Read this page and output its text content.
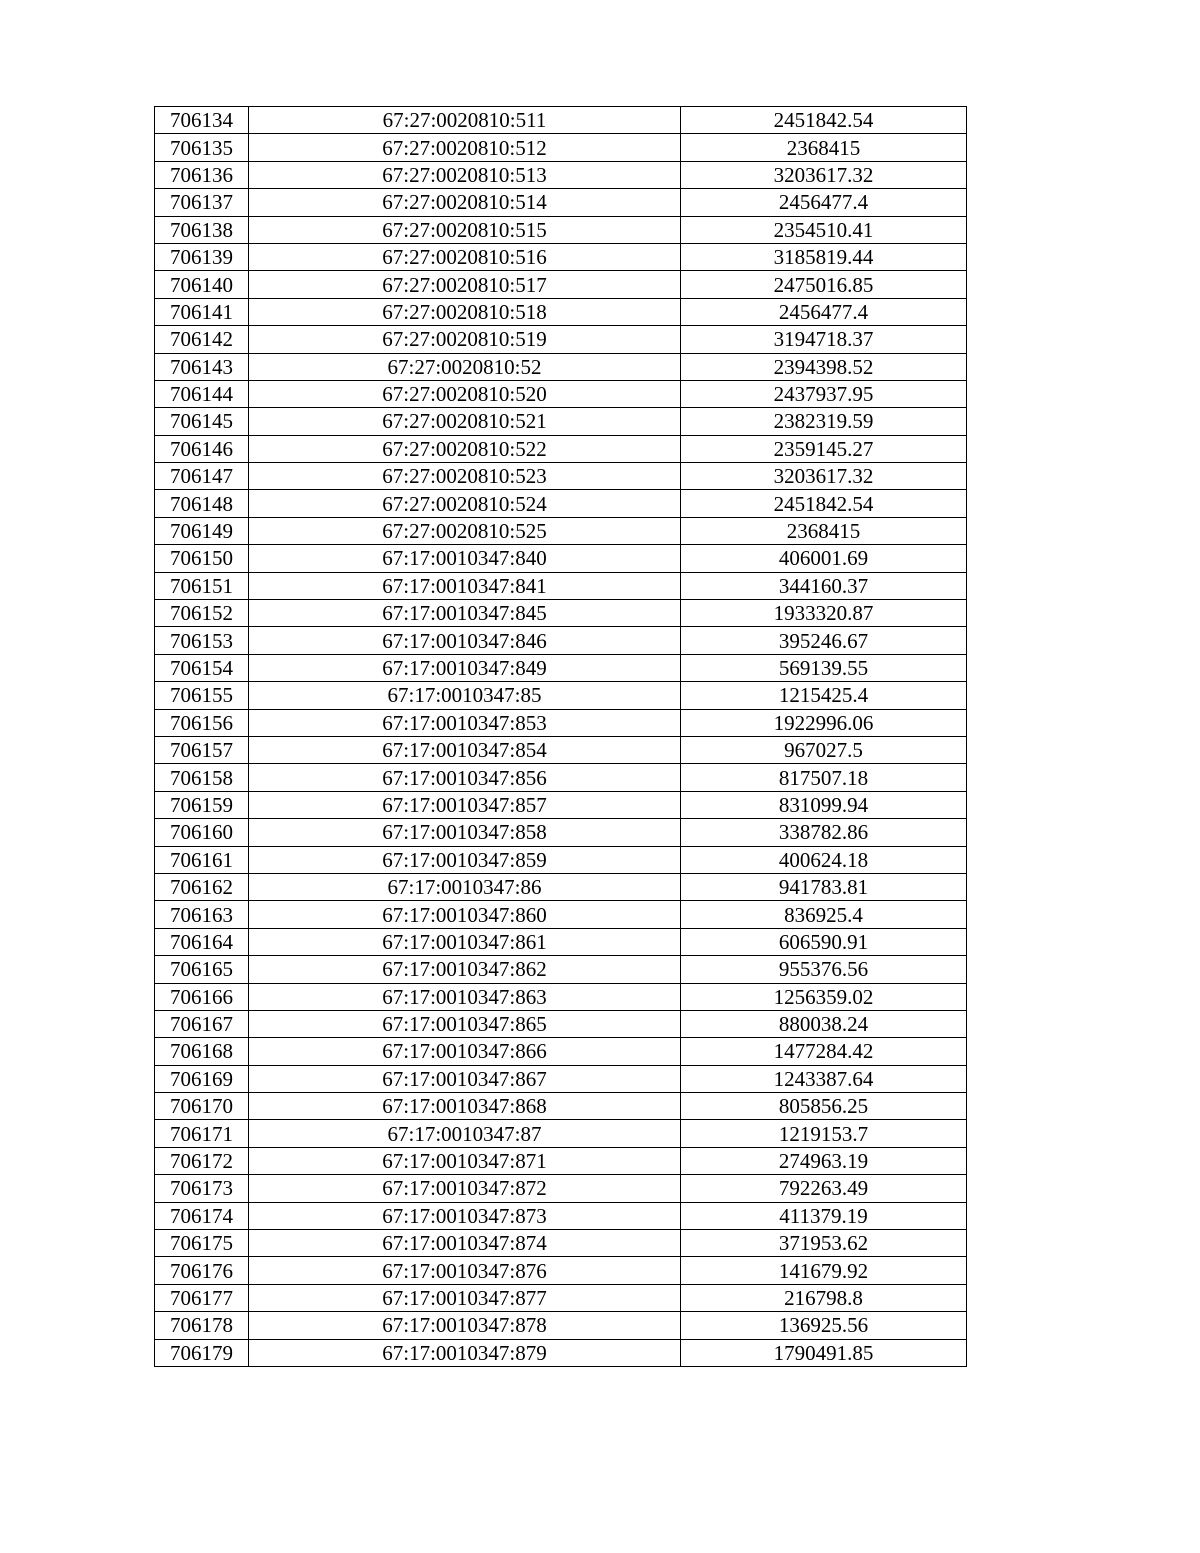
706134	67:27:0020810:511	2451842.54
706135	67:27:0020810:512	2368415
706136	67:27:0020810:513	3203617.32
706137	67:27:0020810:514	2456477.4
706138	67:27:0020810:515	2354510.41
706139	67:27:0020810:516	3185819.44
706140	67:27:0020810:517	2475016.85
706141	67:27:0020810:518	2456477.4
706142	67:27:0020810:519	3194718.37
706143	67:27:0020810:52	2394398.52
706144	67:27:0020810:520	2437937.95
706145	67:27:0020810:521	2382319.59
706146	67:27:0020810:522	2359145.27
706147	67:27:0020810:523	3203617.32
706148	67:27:0020810:524	2451842.54
706149	67:27:0020810:525	2368415
706150	67:17:0010347:840	406001.69
706151	67:17:0010347:841	344160.37
706152	67:17:0010347:845	1933320.87
706153	67:17:0010347:846	395246.67
706154	67:17:0010347:849	569139.55
706155	67:17:0010347:85	1215425.4
706156	67:17:0010347:853	1922996.06
706157	67:17:0010347:854	967027.5
706158	67:17:0010347:856	817507.18
706159	67:17:0010347:857	831099.94
706160	67:17:0010347:858	338782.86
706161	67:17:0010347:859	400624.18
706162	67:17:0010347:86	941783.81
706163	67:17:0010347:860	836925.4
706164	67:17:0010347:861	606590.91
706165	67:17:0010347:862	955376.56
706166	67:17:0010347:863	1256359.02
706167	67:17:0010347:865	880038.24
706168	67:17:0010347:866	1477284.42
706169	67:17:0010347:867	1243387.64
706170	67:17:0010347:868	805856.25
706171	67:17:0010347:87	1219153.7
706172	67:17:0010347:871	274963.19
706173	67:17:0010347:872	792263.49
706174	67:17:0010347:873	411379.19
706175	67:17:0010347:874	371953.62
706176	67:17:0010347:876	141679.92
706177	67:17:0010347:877	216798.8
706178	67:17:0010347:878	136925.56
706179	67:17:0010347:879	1790491.85
